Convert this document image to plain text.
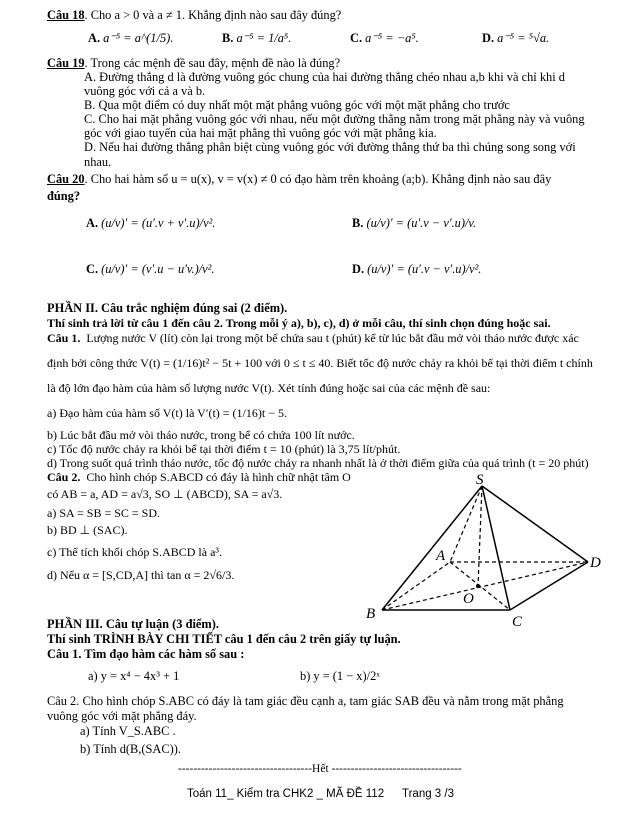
Câu 18. Cho a > 0 và a ≠ 1. Khẳng định nào sau đây đúng?
A. a⁻⁵ = a^(1/5).	B. a⁻⁵ = 1/a⁵.	C. a⁻⁵ = −a⁵.	D. a⁻⁵ = ⁵√a.
Câu 19. Trong các mệnh đề sau đây, mệnh đề nào là đúng?
A. Đường thẳng d là đường vuông góc chung của hai đường thẳng chéo nhau a,b khi và chỉ khi d
vuông góc với cả a và b.
B. Qua một điểm có duy nhất một mặt phẳng vuông góc với một mặt phẳng cho trước
C. Cho hai mặt phẳng vuông góc với nhau, nếu một đường thẳng nằm trong mặt phẳng này và vuông
góc với giao tuyến của hai mặt phẳng thì vuông góc với mặt phẳng kia.
D. Nếu hai đường thẳng phân biệt cùng vuông góc với đường thẳng thứ ba thì chúng song song với
nhau.
Câu 20. Cho hai hàm số u = u(x), v = v(x) ≠ 0 có đạo hàm trên khoảng (a;b). Khẳng định nào sau đây
đúng?
A. (u/v)′ = (u′.v + v′.u)/v².	B. (u/v)′ = (u′.v − v′.u)/v.
C. (u/v)′ = (v′.u − u′v.)/v².	D. (u/v)′ = (u′.v − v′.u)/v².
PHẦN II. Câu trắc nghiệm đúng sai (2 điểm).
Thí sinh trả lời từ câu 1 đến câu 2. Trong mỗi ý a), b), c), d) ở mỗi câu, thí sinh chọn đúng hoặc sai.
Câu 1. Lượng nước V (lít) còn lại trong một bể chứa sau t (phút) kể từ lúc bắt đầu mở vòi tháo nước được xác
định bởi công thức V(t) = (1/16)t² − 5t + 100 với 0 ≤ t ≤ 40. Biết tốc độ nước chảy ra khỏi bể tại thời điểm t chính
là độ lớn đạo hàm của hàm số lượng nước V(t). Xét tính đúng hoặc sai của các mệnh đề sau:
a) Đạo hàm của hàm số V(t) là V′(t) = (1/16)t − 5.
b) Lúc bắt đầu mở vòi tháo nước, trong bể có chứa 100 lít nước.
c) Tốc độ nước chảy ra khỏi bể tại thời điểm t = 10 (phút) là 3,75 lít/phút.
d) Trong suốt quá trình tháo nước, tốc độ nước chảy ra nhanh nhất là ở thời điểm giữa của quá trình (t = 20 phút)
Câu 2. Cho hình chóp S.ABCD có đáy là hình chữ nhật tâm O
có AB = a, AD = a√3, SO ⊥ (ABCD), SA = a√3.
a) SA = SB = SC = SD.
b) BD ⊥ (SAC).
c) Thể tích khối chóp S.ABCD là a³.
d) Nếu α = [S,CD,A] thì tan α = 2√6/3.
S
A
B	C
D
O
PHẦN III. Câu tự luận (3 điểm).
Thí sinh TRÌNH BÀY CHI TIẾT câu 1 đến câu 2 trên giấy tự luận.
Câu 1. Tìm đạo hàm các hàm số sau :
a) y = x⁴ − 4x³ + 1	b) y = (1 − x)/2ˣ
Câu 2. Cho hình chóp S.ABC có đáy là tam giác đều cạnh a, tam giác SAB đều và nằm trong mặt phẳng
vuông góc với mặt phẳng đáy.
a) Tính V_S.ABC .
b) Tính d(B,(SAC)).
-----------------------------------Hết ----------------------------------
Toán 11_ Kiểm tra CHK2 _ MÃ ĐỀ 112 Trang 3 /3
